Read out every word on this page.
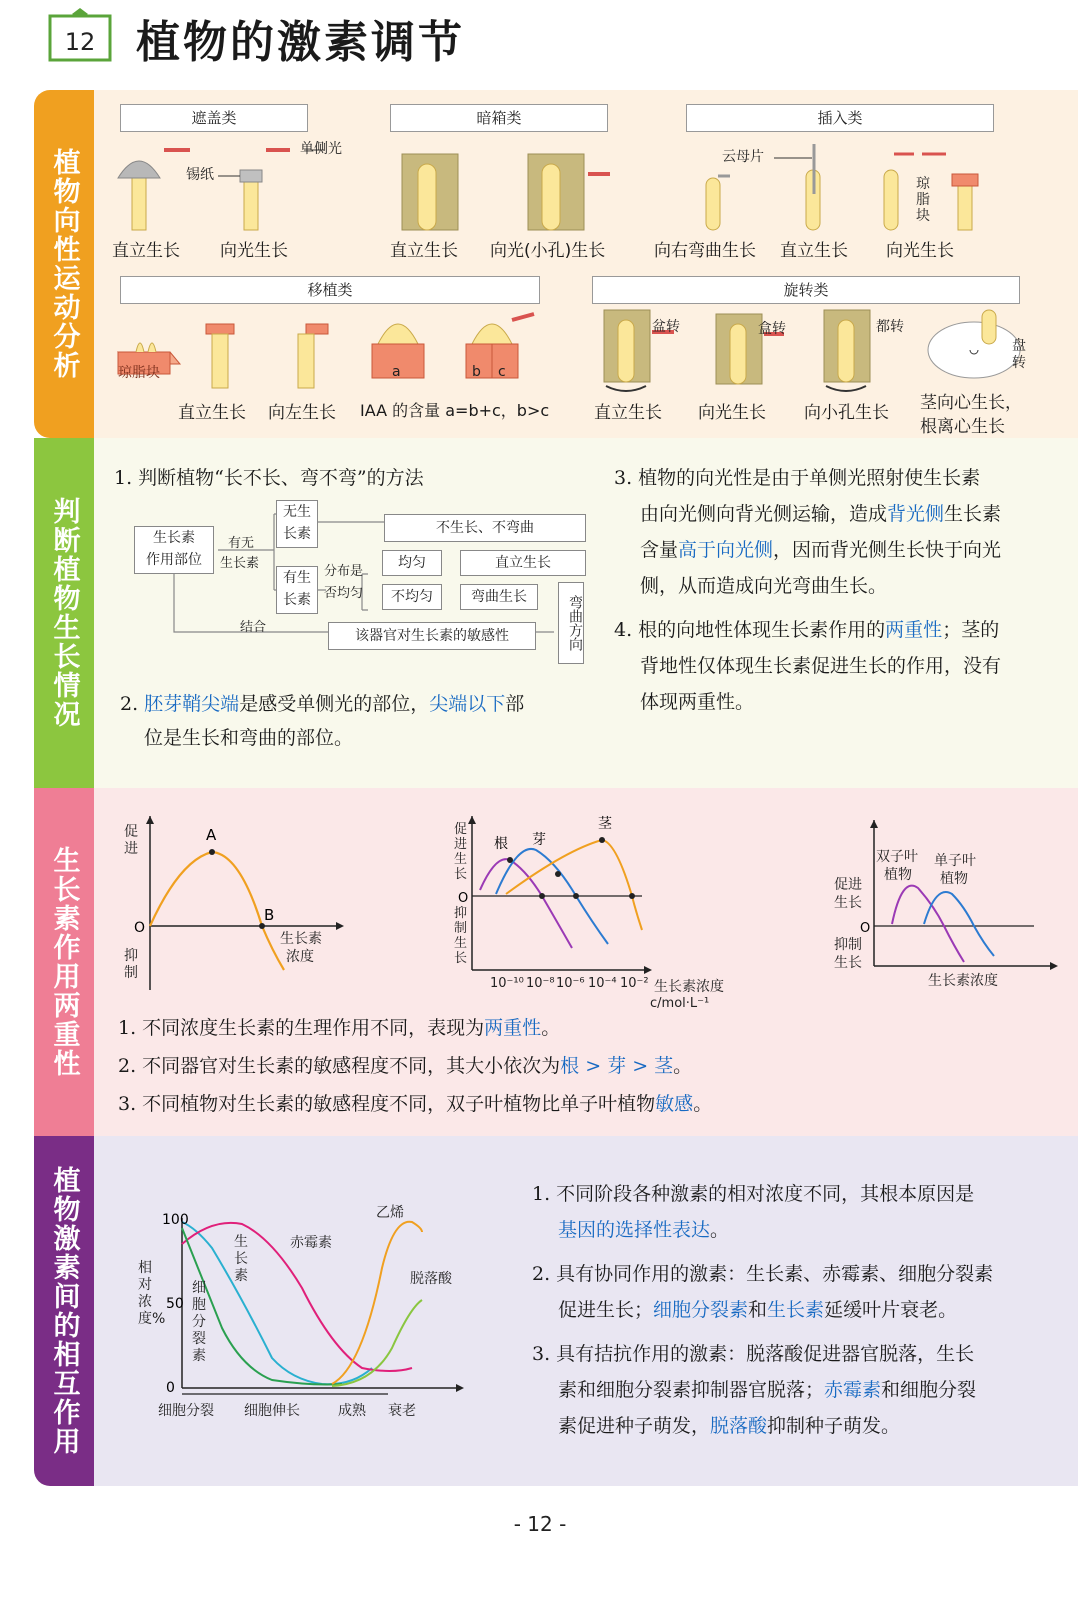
12 植物的激素调节
植物向性运动分析
遮盖类	暗箱类	插入类
移植类	旋转类
锡纸
单侧光	云母片
琼脂块
直立生长 向光生长	直立生长 向光(小孔)生长	向右弯曲生长 直立生长 向光生长
琼脂块	a	b c
盆转	盒转	都转
盘转
直立生长 向左生长 IAA 的含量 a=b+c，b>c	直立生长 向光生长 向小孔生长 茎向心生长，
根离心生长
判断植物生长情况
1. 判断植物“长不长、弯不弯”的方法
生长素
作用部位
有无
生长素
无生
长素
有生
长素
分布是
否均匀
不生长、不弯曲
均匀
不均匀
直立生长
弯曲生长
结合
该器官对生长素的敏感性	弯曲方向
2. 胚芽鞘尖端是感受单侧光的部位，尖端以下部
位是生长和弯曲的部位。
3. 植物的向光性是由于单侧光照射使生长素
由向光侧向背光侧运输，造成背光侧生长素
含量高于向光侧，因而背光侧生长快于向光
侧，从而造成向光弯曲生长。
4. 根的向地性体现生长素作用的两重性；茎的
背地性仅体现生长素促进生长的作用，没有
体现两重性。
生长素作用两重性
A
B
O
促进
抑制
生长素
浓度
根 芽
茎
O
促进生长
抑制生长
10⁻¹⁰ 10⁻⁸ 10⁻⁶ 10⁻⁴ 10⁻² 生长素浓度
c/mol·L⁻¹
O
双子叶
植物
单子叶
植物
促进
生长
抑制
生长
生长素浓度
1. 不同浓度生长素的生理作用不同，表现为两重性。
2. 不同器官对生长素的敏感程度不同，其大小依次为根 > 芽 > 茎。
3. 不同植物对生长素的敏感程度不同，双子叶植物比单子叶植物敏感。
植物激素间的相互作用	100
50
0
相对浓度%
生
长
素
赤霉素
细
胞
分
裂
素
乙烯
脱落酸
细胞分裂 细胞伸长	成熟 衰老
1. 不同阶段各种激素的相对浓度不同，其根本原因是
基因的选择性表达。
2. 具有协同作用的激素：生长素、赤霉素、细胞分裂素
促进生长；细胞分裂素和生长素延缓叶片衰老。
3. 具有拮抗作用的激素：脱落酸促进器官脱落，生长
素和细胞分裂素抑制器官脱落；赤霉素和细胞分裂
素促进种子萌发，脱落酸抑制种子萌发。
- 12 -
